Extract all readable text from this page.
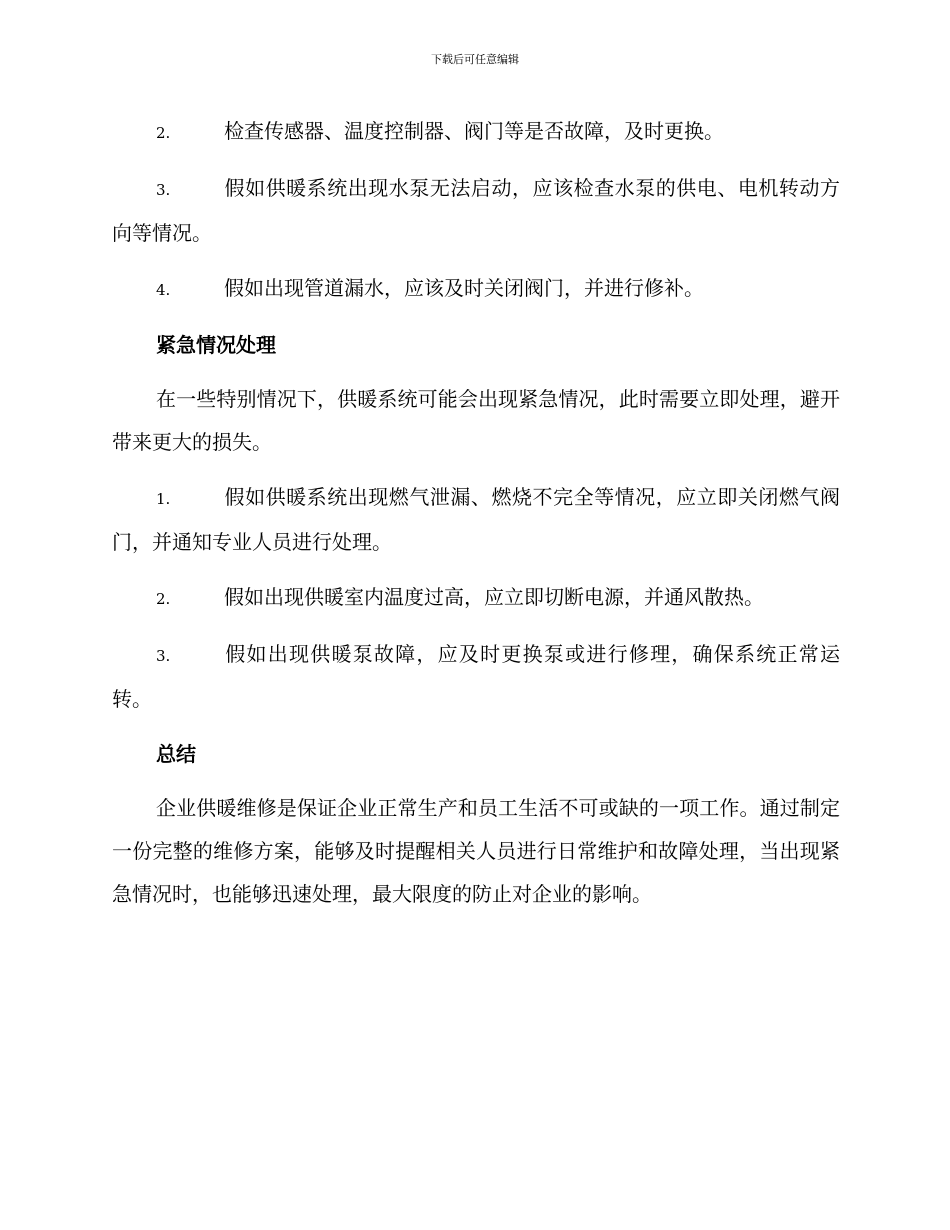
下载后可任意编辑

2.	检查传感器、温度控制器、阀门等是否故障，及时更换。

3.	假如供暖系统出现水泵无法启动，应该检查水泵的供电、电机转动方向等情况。

4.	假如出现管道漏水，应该及时关闭阀门，并进行修补。

紧急情况处理

在一些特别情况下，供暖系统可能会出现紧急情况，此时需要立即处理，避开带来更大的损失。

1.	假如供暖系统出现燃气泄漏、燃烧不完全等情况，应立即关闭燃气阀门，并通知专业人员进行处理。

2.	假如出现供暖室内温度过高，应立即切断电源，并通风散热。

3.	假如出现供暖泵故障，应及时更换泵或进行修理，确保系统正常运转。

总结

企业供暖维修是保证企业正常生产和员工生活不可或缺的一项工作。通过制定一份完整的维修方案，能够及时提醒相关人员进行日常维护和故障处理，当出现紧急情况时，也能够迅速处理，最大限度的防止对企业的影响。
